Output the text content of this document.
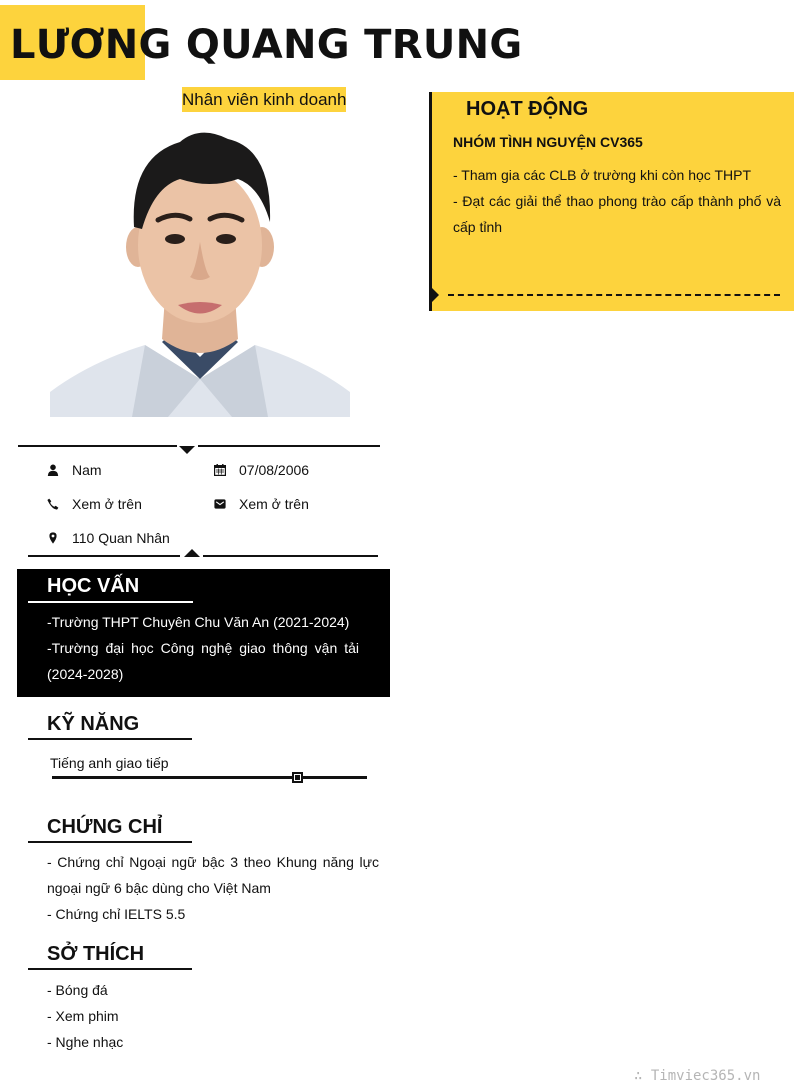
LƯƠNG QUANG TRUNG
Nhân viên kinh doanh
Nam	07/08/2006
Xem ở trên	Xem ở trên
110 Quan Nhân
HỌC VẤN
-Trường THPT Chuyên Chu Văn An (2021-2024)
-Trường đại học Công nghệ giao thông vận tải (2024-2028)
KỸ NĂNG
Tiếng anh giao tiếp
CHỨNG CHỈ
- Chứng chỉ Ngoại ngữ bậc 3 theo Khung năng lực ngoại ngữ 6 bậc dùng cho Việt Nam
- Chứng chỉ IELTS 5.5
SỞ THÍCH
- Bóng đá
- Xem phim
- Nghe nhạc
HOẠT ĐỘNG
NHÓM TÌNH NGUYỆN CV365
- Tham gia các CLB ở trường khi còn học THPT
- Đạt các giải thể thao phong trào cấp thành phố và cấp tỉnh
∴ Timviec365.vn
